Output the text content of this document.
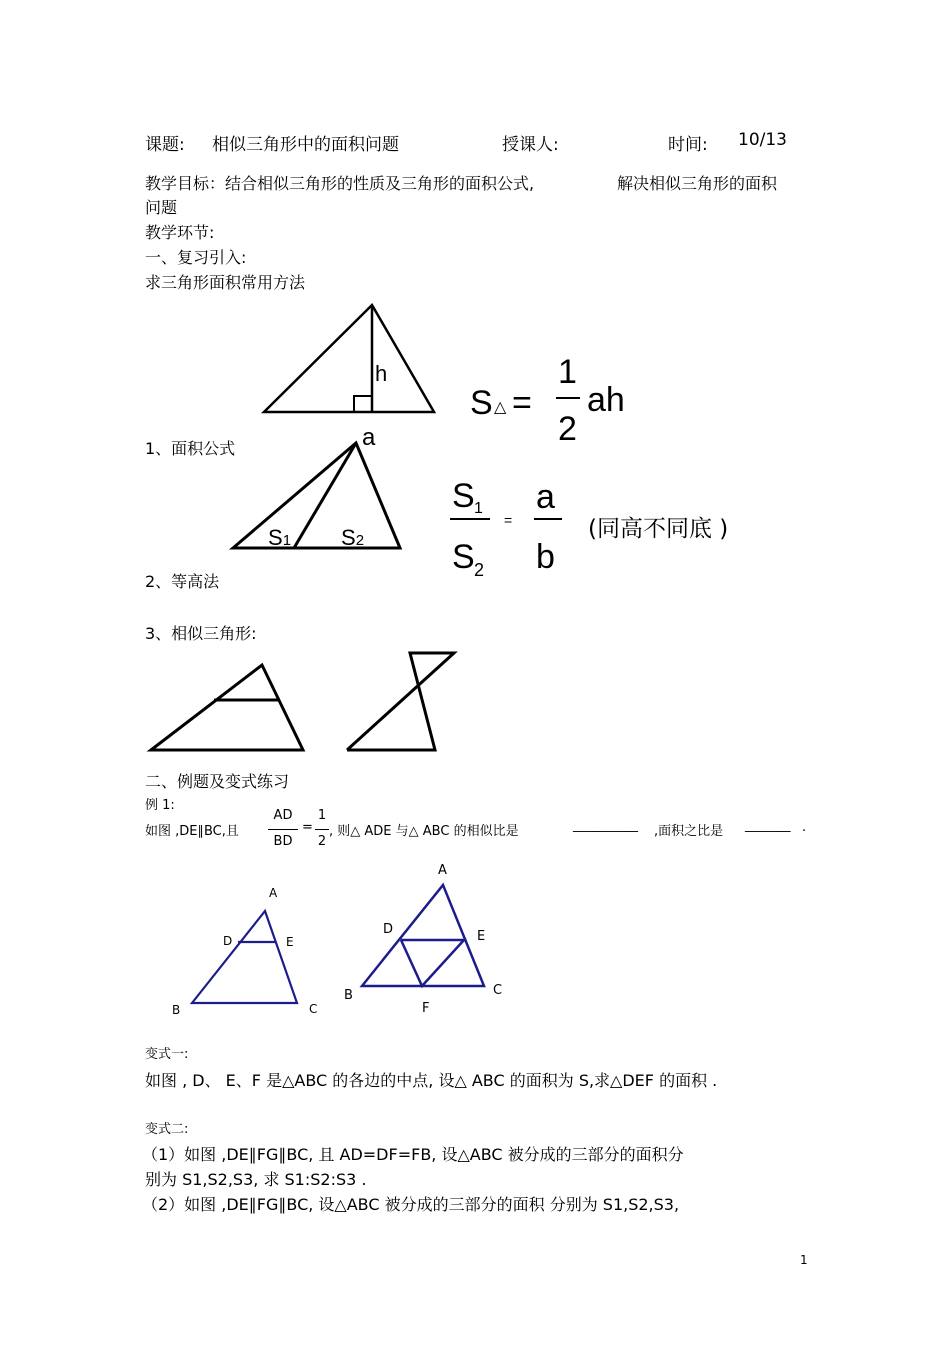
课题: 相似三角形中的面积问题	授课人:	时间: 10/13
教学目标：结合相似三角形的性质及三角形的面积公式,	解决相似三角形的面积
问题
教学环节:
一、复习引入:
求三角形面积常用方法
h
S △ =
1
2
ah
1、面积公式	a
S1 S2
S 1
S 2
=
a
b
(同高不同底 )
2、等高法
3、相似三角形:
二、例题及变式练习
例 1:
如图 ,DE∥BC,且
AD
BD
=
1
2
, 则△ ADE 与△ ABC 的相似比是	__________ ,面积之比是 _______ .
A
D	E
B	C
A
D	E
B	C
F
变式一:
如图 , D、 E、F 是△ABC 的各边的中点, 设△ ABC 的面积为 S,求△DEF 的面积 .
变式二:
（1）如图 ,DE∥FG∥BC, 且 AD=DF=FB, 设△ABC 被分成的三部分的面积分
别为 S1,S2,S3, 求 S1:S2:S3 .
（2）如图 ,DE∥FG∥BC, 设△ABC 被分成的三部分的面积 分别为 S1,S2,S3,
1
